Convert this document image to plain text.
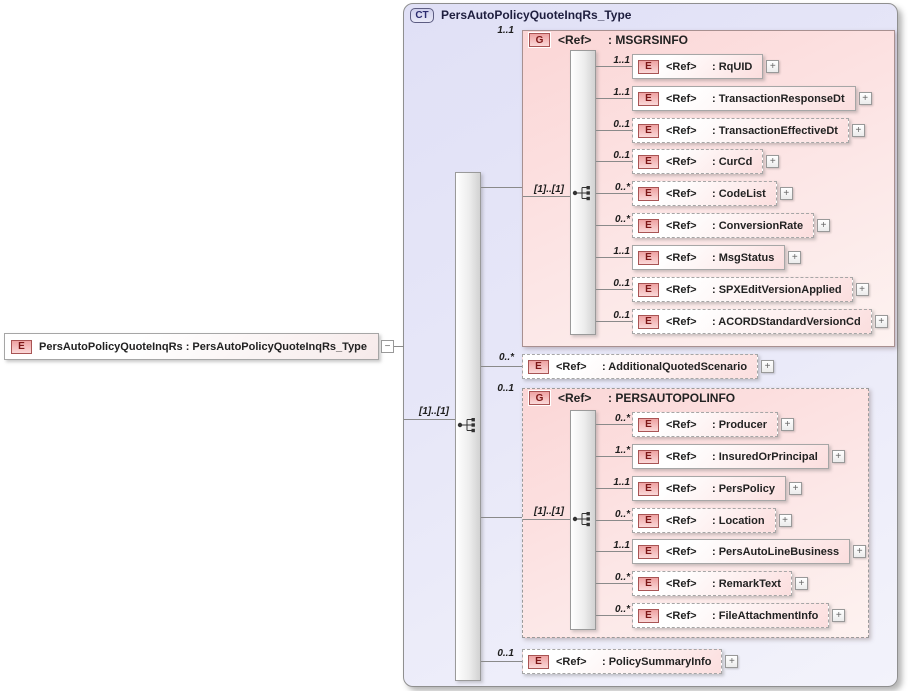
CT	PersAutoPolicyQuoteInqRs_Type
[1]..[1]
1..1
0..*
0..1
0..1
G	<Ref>	: MSGRSINFO
[1]..[1]
1..1
1..1
0..1
0..1
0..*
0..*
1..1
0..1
0..1
E	<Ref>	: RqUID	+
E	<Ref>	: TransactionResponseDt	+
E	<Ref>	: TransactionEffectiveDt	+
E	<Ref>	: CurCd	+
E	<Ref>	: CodeList	+
E	<Ref>	: ConversionRate	+
E	<Ref>	: MsgStatus	+
E	<Ref>	: SPXEditVersionApplied	+
E	<Ref>	: ACORDStandardVersionCd	+
E	<Ref>	: AdditionalQuotedScenario	+
G	<Ref>	: PERSAUTOPOLINFO
[1]..[1]
0..*
1..*
1..1
0..*
1..1
0..*
0..*
E	<Ref>	: Producer	+
E	<Ref>	: InsuredOrPrincipal	+
E	<Ref>	: PersPolicy	+
E	<Ref>	: Location	+
E	<Ref>	: PersAutoLineBusiness	+
E	<Ref>	: RemarkText	+
E	<Ref>	: FileAttachmentInfo	+
E	<Ref>	: PolicySummaryInfo	+
E	PersAutoPolicyQuoteInqRs : PersAutoPolicyQuoteInqRs_Type	−
